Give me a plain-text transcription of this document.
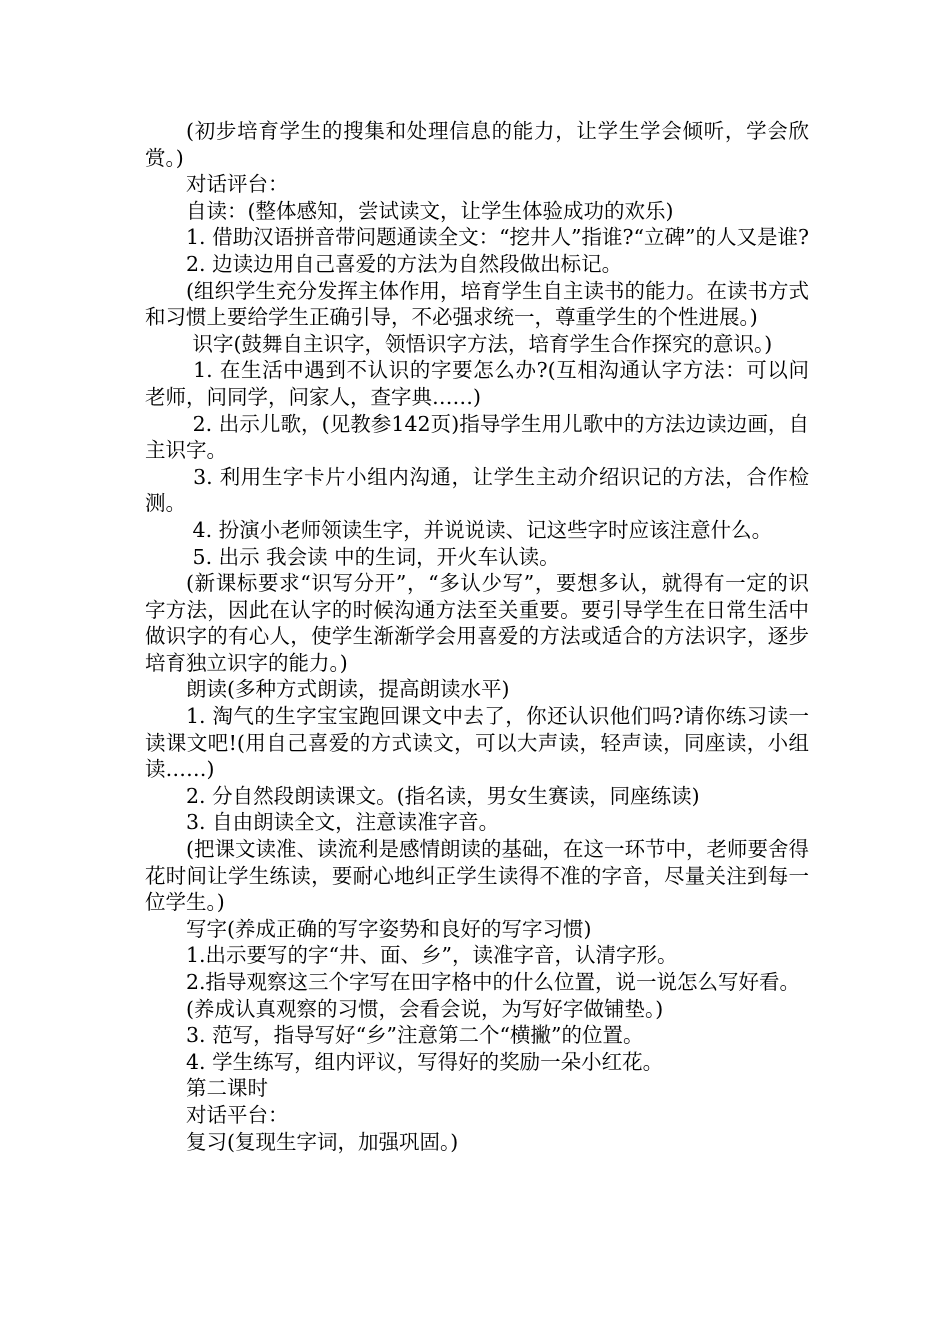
(初步培育学生的搜集和处理信息的能力，让学生学会倾听，学会欣赏。)

对话评台：

自读：(整体感知，尝试读文，让学生体验成功的欢乐)

1. 借助汉语拼音带问题通读全文：“挖井人”指谁?“立碑”的人又是谁?

2. 边读边用自己喜爱的方法为自然段做出标记。

(组织学生充分发挥主体作用，培育学生自主读书的能力。在读书方式和习惯上要给学生正确引导，不必强求统一，尊重学生的个性进展。)

识字(鼓舞自主识字，领悟识字方法，培育学生合作探究的意识。)

1. 在生活中遇到不认识的字要怎么办?(互相沟通认字方法：可以问老师，问同学，问家人，查字典……)

2. 出示儿歌，(见教参142页)指导学生用儿歌中的方法边读边画，自主识字。

3. 利用生字卡片小组内沟通，让学生主动介绍识记的方法，合作检测。

4. 扮演小老师领读生字，并说说读、记这些字时应该注意什么。

5. 出示 我会读 中的生词，开火车认读。

(新课标要求“识写分开”，“多认少写”，要想多认，就得有一定的识字方法，因此在认字的时候沟通方法至关重要。要引导学生在日常生活中做识字的有心人，使学生渐渐学会用喜爱的方法或适合的方法识字，逐步培育独立识字的能力。)

朗读(多种方式朗读，提高朗读水平)

1. 淘气的生字宝宝跑回课文中去了，你还认识他们吗?请你练习读一读课文吧!(用自己喜爱的方式读文，可以大声读，轻声读，同座读，小组读……)

2. 分自然段朗读课文。(指名读，男女生赛读，同座练读)

3. 自由朗读全文，注意读准字音。

(把课文读准、读流利是感情朗读的基础，在这一环节中，老师要舍得花时间让学生练读，要耐心地纠正学生读得不准的字音，尽量关注到每一位学生。)

写字(养成正确的写字姿势和良好的写字习惯)

1.出示要写的字“井、面、乡”，读准字音，认清字形。

2.指导观察这三个字写在田字格中的什么位置，说一说怎么写好看。

(养成认真观察的习惯，会看会说，为写好字做铺垫。)

3. 范写，指导写好“乡”注意第二个“横撇”的位置。

4. 学生练写，组内评议，写得好的奖励一朵小红花。

第二课时

对话平台：

复习(复现生字词，加强巩固。)
